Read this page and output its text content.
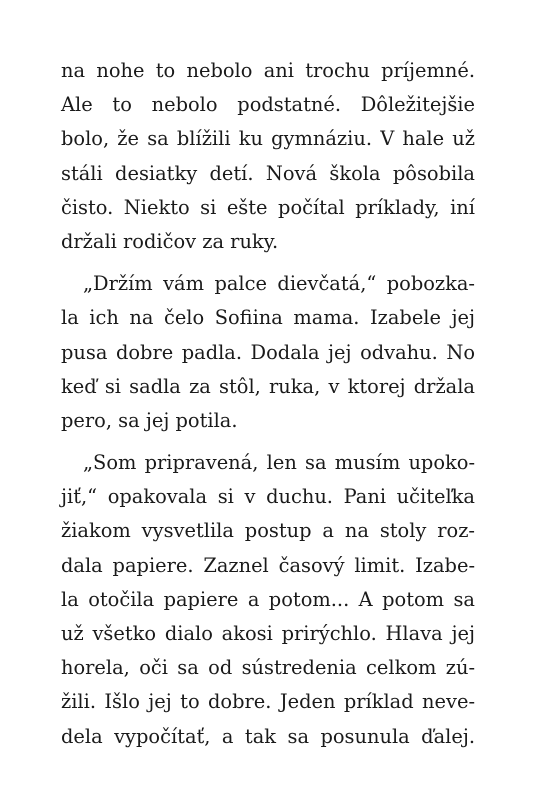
na nohe to nebolo ani trochu príjemné.
Ale to nebolo podstatné. Dôležitejšie
bolo, že sa blížili ku gymnáziu. V hale už
stáli desiatky detí. Nová škola pôsobila
čisto. Niekto si ešte počítal príklady, iní
držali rodičov za ruky.
„Držím vám palce dievčatá,“ pobozka-
la ich na čelo Sofiina mama. Izabele jej
pusa dobre padla. Dodala jej odvahu. No
keď si sadla za stôl, ruka, v ktorej držala
pero, sa jej potila.
„Som pripravená, len sa musím upoko-
jiť,“ opakovala si v duchu. Pani učiteľka
žiakom vysvetlila postup a na stoly roz-
dala papiere. Zaznel časový limit. Izabe-
la otočila papiere a potom... A potom sa
už všetko dialo akosi prirýchlo. Hlava jej
horela, oči sa od sústredenia celkom zú-
žili. Išlo jej to dobre. Jeden príklad neve-
dela vypočítať, a tak sa posunula ďalej.
